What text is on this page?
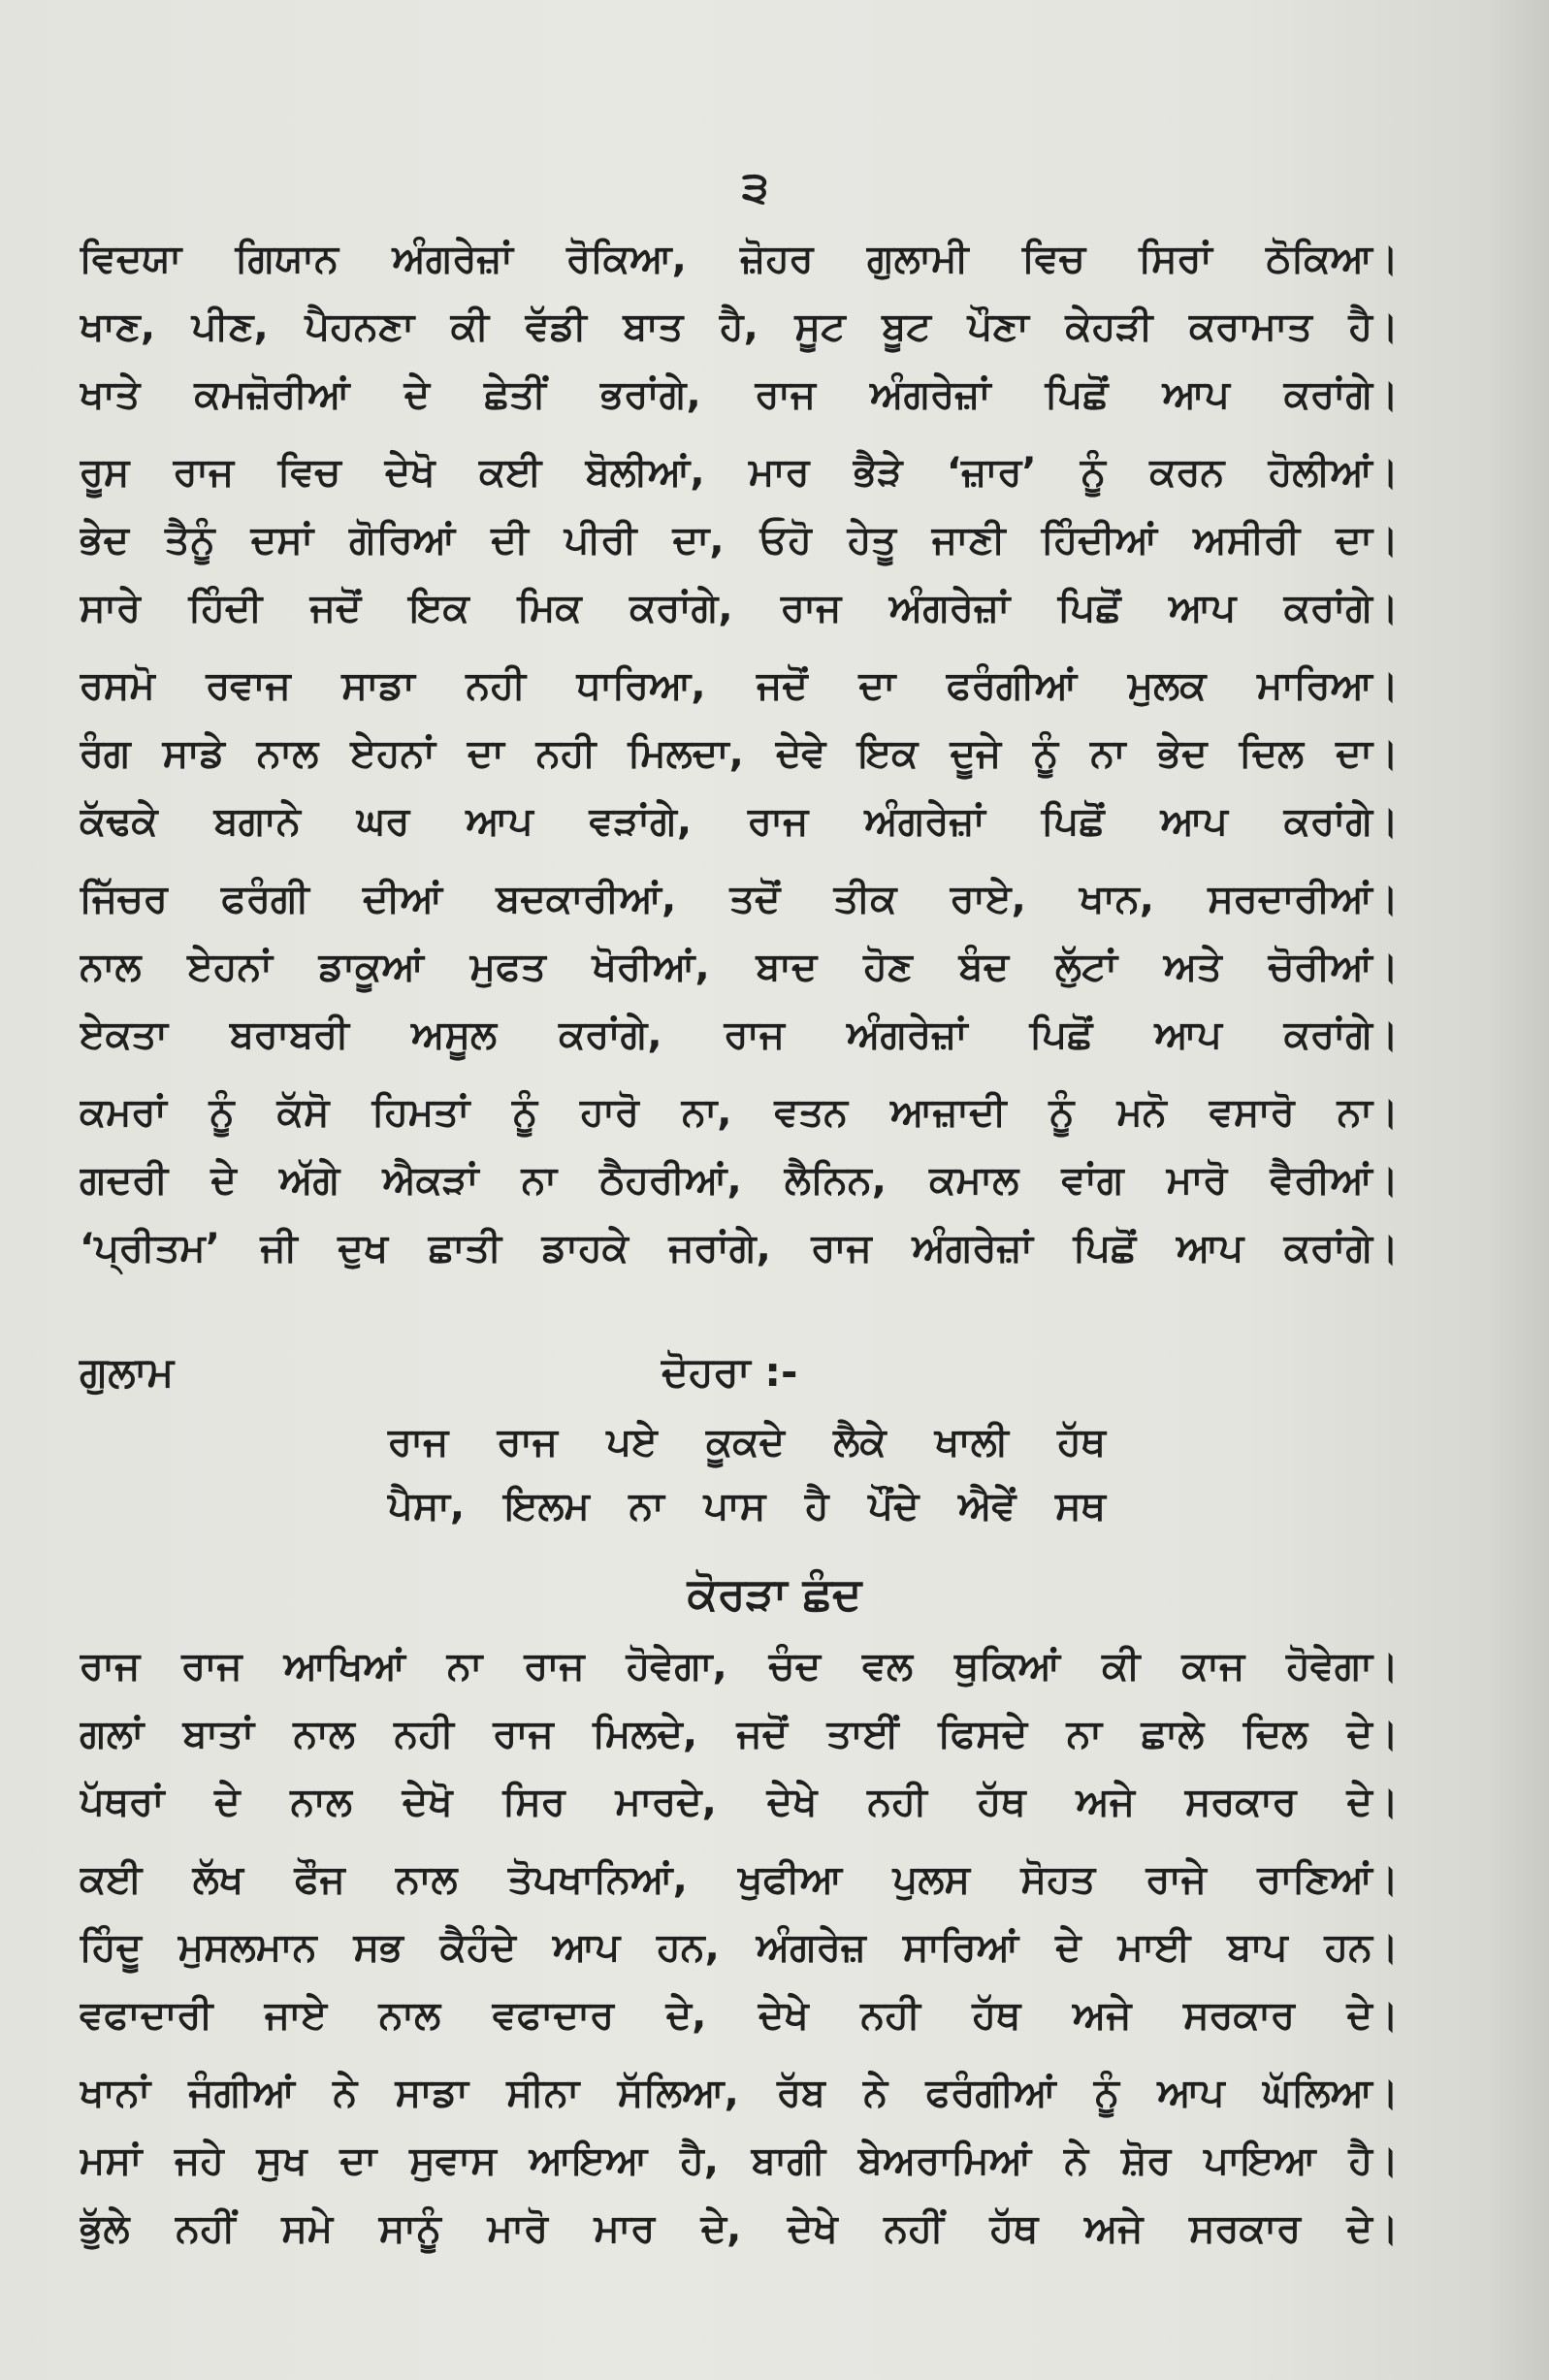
੩
ਵਿਦਯਾ ਗਿਯਾਨ ਅੰਗਰੇਜ਼ਾਂ ਰੋਕਿਆ, ਜ਼ੋਹਰ ਗੁਲਾਮੀ ਵਿਚ ਸਿਰਾਂ ਠੋਕਿਆ।
ਖਾਣ, ਪੀਣ, ਪੈਹਨਣਾ ਕੀ ਵੱਡੀ ਬਾਤ ਹੈ, ਸੂਟ ਬੂਟ ਪੌਣਾ ਕੇਹੜੀ ਕਰਾਮਾਤ ਹੈ।
ਖਾਤੇ ਕਮਜ਼ੋਰੀਆਂ ਦੇ ਛੇਤੀਂ ਭਰਾਂਗੇ, ਰਾਜ ਅੰਗਰੇਜ਼ਾਂ ਪਿਛੋਂ ਆਪ ਕਰਾਂਗੇ।
ਰੂਸ ਰਾਜ ਵਿਚ ਦੇਖੋ ਕਈ ਬੋਲੀਆਂ, ਮਾਰ ਭੈੜੇ ‘ਜ਼ਾਰ’ ਨੂੰ ਕਰਨ ਹੋਲੀਆਂ।
ਭੇਦ ਤੈਨੂੰ ਦਸਾਂ ਗੋਰਿਆਂ ਦੀ ਪੀਰੀ ਦਾ, ਓਹੋ ਹੇਤੂ ਜਾਣੀ ਹਿੰਦੀਆਂ ਅਸੀਰੀ ਦਾ।
ਸਾਰੇ ਹਿੰਦੀ ਜਦੋਂ ਇਕ ਮਿਕ ਕਰਾਂਗੇ, ਰਾਜ ਅੰਗਰੇਜ਼ਾਂ ਪਿਛੋਂ ਆਪ ਕਰਾਂਗੇ।
ਰਸਮੋ ਰਵਾਜ ਸਾਡਾ ਨਹੀ ਧਾਰਿਆ, ਜਦੋਂ ਦਾ ਫਰੰਗੀਆਂ ਮੁਲਕ ਮਾਰਿਆ।
ਰੰਗ ਸਾਡੇ ਨਾਲ ਏਹਨਾਂ ਦਾ ਨਹੀ ਮਿਲਦਾ, ਦੇਵੇ ਇਕ ਦੂਜੇ ਨੂੰ ਨਾ ਭੇਦ ਦਿਲ ਦਾ।
ਕੱਢਕੇ ਬਗਾਨੇ ਘਰ ਆਪ ਵੜਾਂਗੇ, ਰਾਜ ਅੰਗਰੇਜ਼ਾਂ ਪਿਛੋਂ ਆਪ ਕਰਾਂਗੇ।
ਜਿੱਚਰ ਫਰੰਗੀ ਦੀਆਂ ਬਦਕਾਰੀਆਂ, ਤਦੋਂ ਤੀਕ ਰਾਏ, ਖਾਨ, ਸਰਦਾਰੀਆਂ।
ਨਾਲ ਏਹਨਾਂ ਡਾਕੂਆਂ ਮੁਫਤ ਖੋਰੀਆਂ, ਬਾਦ ਹੋਣ ਬੰਦ ਲੁੱਟਾਂ ਅਤੇ ਚੋਰੀਆਂ।
ਏਕਤਾ ਬਰਾਬਰੀ ਅਸੂਲ ਕਰਾਂਗੇ, ਰਾਜ ਅੰਗਰੇਜ਼ਾਂ ਪਿਛੋਂ ਆਪ ਕਰਾਂਗੇ।
ਕਮਰਾਂ ਨੂੰ ਕੱਸੋ ਹਿਮਤਾਂ ਨੂੰ ਹਾਰੋ ਨਾ, ਵਤਨ ਆਜ਼ਾਦੀ ਨੂੰ ਮਨੋ ਵਸਾਰੋ ਨਾ।
ਗਦਰੀ ਦੇ ਅੱਗੇ ਐਕੜਾਂ ਨਾ ਠੈਹਰੀਆਂ, ਲੈਨਿਨ, ਕਮਾਲ ਵਾਂਗ ਮਾਰੋ ਵੈਰੀਆਂ।
‘ਪ੍ਰੀਤਮ’ ਜੀ ਦੁਖ ਛਾਤੀ ਡਾਹਕੇ ਜਰਾਂਗੇ, ਰਾਜ ਅੰਗਰੇਜ਼ਾਂ ਪਿਛੋਂ ਆਪ ਕਰਾਂਗੇ।
ਗੁਲਾਮ	ਦੋਹਰਾ :-
ਰਾਜ ਰਾਜ ਪਏ ਕੂਕਦੇ ਲੈਕੇ ਖਾਲੀ ਹੱਥ
ਪੈਸਾ, ਇਲਮ ਨਾ ਪਾਸ ਹੈ ਪੌਂਦੇ ਐਵੇਂ ਸਥ
ਕੋਰੜਾ ਛੰਦ
ਰਾਜ ਰਾਜ ਆਖਿਆਂ ਨਾ ਰਾਜ ਹੋਵੇਗਾ, ਚੰਦ ਵਲ ਥੁਕਿਆਂ ਕੀ ਕਾਜ ਹੋਵੇਗਾ।
ਗਲਾਂ ਬਾਤਾਂ ਨਾਲ ਨਹੀ ਰਾਜ ਮਿਲਦੇ, ਜਦੋਂ ਤਾਈਂ ਫਿਸਦੇ ਨਾ ਛਾਲੇ ਦਿਲ ਦੇ।
ਪੱਥਰਾਂ ਦੇ ਨਾਲ ਦੇਖੋ ਸਿਰ ਮਾਰਦੇ, ਦੇਖੇ ਨਹੀ ਹੱਥ ਅਜੇ ਸਰਕਾਰ ਦੇ।
ਕਈ ਲੱਖ ਫੌਜ ਨਾਲ ਤੋਪਖਾਨਿਆਂ, ਖੁਫੀਆ ਪੁਲਸ ਸੋਹਤ ਰਾਜੇ ਰਾਣਿਆਂ।
ਹਿੰਦੂ ਮੁਸਲਮਾਨ ਸਭ ਕੈਹੰਦੇ ਆਪ ਹਨ, ਅੰਗਰੇਜ਼ ਸਾਰਿਆਂ ਦੇ ਮਾਈ ਬਾਪ ਹਨ।
ਵਫਾਦਾਰੀ ਜਾਏ ਨਾਲ ਵਫਾਦਾਰ ਦੇ, ਦੇਖੇ ਨਹੀ ਹੱਥ ਅਜੇ ਸਰਕਾਰ ਦੇ।
ਖਾਨਾਂ ਜੰਗੀਆਂ ਨੇ ਸਾਡਾ ਸੀਨਾ ਸੱਲਿਆ, ਰੱਬ ਨੇ ਫਰੰਗੀਆਂ ਨੂੰ ਆਪ ਘੱਲਿਆ।
ਮਸਾਂ ਜਹੇ ਸੁਖ ਦਾ ਸੁਵਾਸ ਆਇਆ ਹੈ, ਬਾਗੀ ਬੇਅਰਾਮਿਆਂ ਨੇ ਸ਼ੋਰ ਪਾਇਆ ਹੈ।
ਭੁੱਲੇ ਨਹੀਂ ਸਮੇ ਸਾਨੂੰ ਮਾਰੋ ਮਾਰ ਦੇ, ਦੇਖੇ ਨਹੀਂ ਹੱਥ ਅਜੇ ਸਰਕਾਰ ਦੇ।
